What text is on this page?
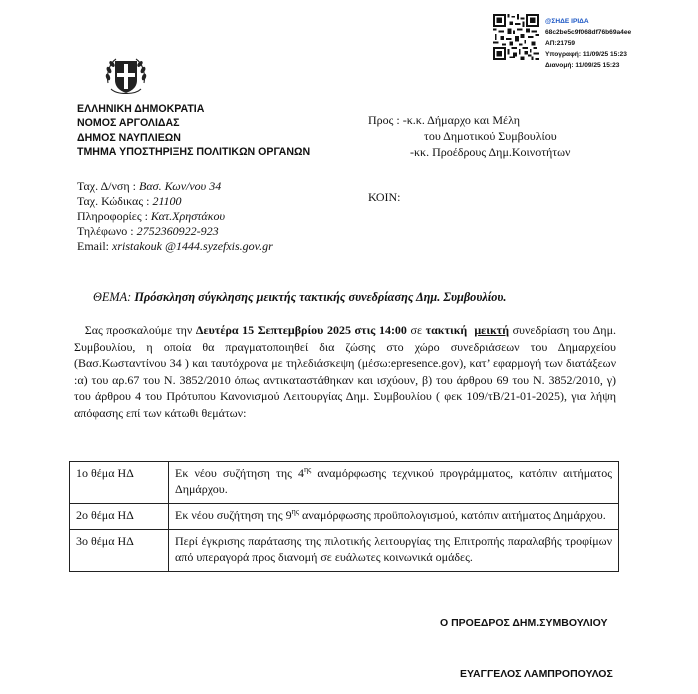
@ΣΗΔΕ ΙΡΙΔΑ
68c2be5c9f068df76b69a4ee
ΑΠ:21759
Υπογραφή: 11/09/25 15:23
Διανομή: 11/09/25 15:23
ΕΛΛΗΝΙΚΗ ΔΗΜΟΚΡΑΤΙΑ
ΝΟΜΟΣ ΑΡΓΟΛΙΔΑΣ
ΔΗΜΟΣ ΝΑΥΠΛΙΕΩΝ
ΤΜΗΜΑ ΥΠΟΣΤΗΡΙΞΗΣ ΠΟΛΙΤΙΚΩΝ ΟΡΓΑΝΩΝ
Προς : -κ.κ. Δήμαρχο και Μέλη
του Δημοτικού Συμβουλίου
-κκ. Προέδρους Δημ.Κοινοτήτων
Ταχ. Δ/νση : Βασ. Κων/νου 34
Ταχ. Κώδικας : 21100
Πληροφορίες : Κατ.Χρηστάκου
Τηλέφωνο : 2752360922-923
Email: xristakouk @1444.syzefxis.gov.gr
ΚΟΙΝ:
ΘΕΜΑ: Πρόσκληση σύγκλησης μεικτής τακτικής συνεδρίασης Δημ. Συμβουλίου.
Σας προσκαλούμε την Δευτέρα 15 Σεπτεμβρίου 2025 στις 14:00 σε τακτική μεικτή συνεδρίαση του Δημ. Συμβουλίου, η οποία θα πραγματοποιηθεί δια ζώσης στο χώρο συνεδριάσεων του Δημαρχείου (Βασ.Κωσταντίνου 34 ) και ταυτόχρονα με τηλεδιάσκεψη (μέσω:epresence.gov), κατ’ εφαρμογή των διατάξεων :α) του αρ.67 του Ν. 3852/2010 όπως αντικαταστάθηκαν και ισχύουν, β) του άρθρου 69 του Ν. 3852/2010, γ) του άρθρου 4 του Πρότυπου Κανονισμού Λειτουργίας Δημ. Συμβουλίου ( φεκ 109/τΒ/21-01-2025), για λήψη απόφασης επί των κάτωθι θεμάτων:
1ο θέμα ΗΔ	Εκ νέου συζήτηση της $4^{\eta\varsigma}$ αναμόρφωσης τεχνικού προγράμματος, κατόπιν αιτήματος Δημάρχου.
2ο θέμα ΗΔ	Εκ νέου συζήτηση της $9^{\eta\varsigma}$ αναμόρφωσης προϋπολογισμού, κατόπιν αιτήματος Δημάρχου.
3ο θέμα ΗΔ	Περί έγκρισης παράτασης της πιλοτικής λειτουργίας της Επιτροπής παραλαβής τροφίμων από υπεραγορά προς διανομή σε ευάλωτες κοινωνικά ομάδες.
Ο ΠΡΟΕΔΡΟΣ ΔΗΜ.ΣΥΜΒΟΥΛΙΟΥ
ΕΥΑΓΓΕΛΟΣ ΛΑΜΠΡΟΠΟΥΛΟΣ
